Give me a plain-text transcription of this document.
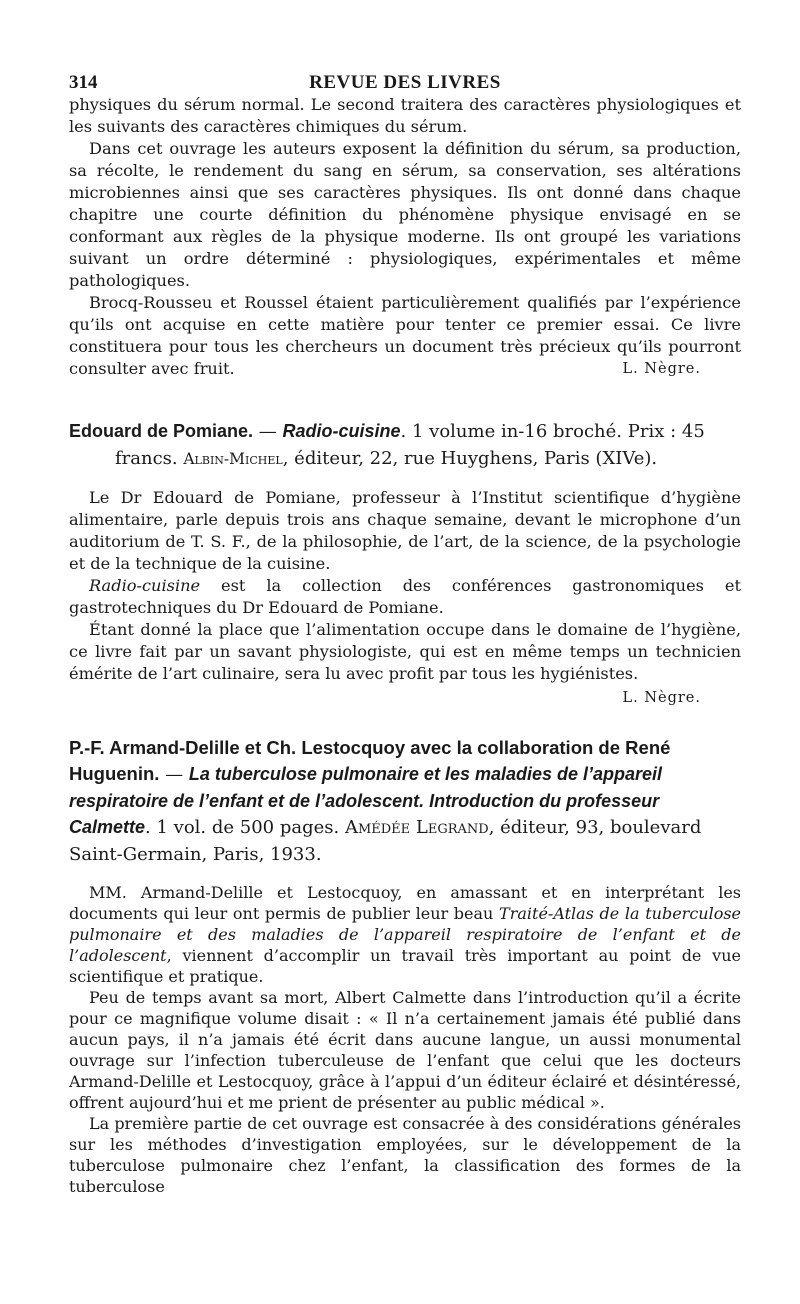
314	REVUE DES LIVRES

physiques du sérum normal. Le second traitera des caractères physiologiques et les suivants des caractères chimiques du sérum.

Dans cet ouvrage les auteurs exposent la définition du sérum, sa production, sa récolte, le rendement du sang en sérum, sa conservation, ses altérations microbiennes ainsi que ses caractères physiques. Ils ont donné dans chaque chapitre une courte définition du phénomène physique envisagé en se conformant aux règles de la physique moderne. Ils ont groupé les variations suivant un ordre déterminé : physiologiques, expérimentales et même pathologiques.

Brocq-Rousseu et Roussel étaient particulièrement qualifiés par l’expérience qu’ils ont acquise en cette matière pour tenter ce premier essai. Ce livre constituera pour tous les chercheurs un document très précieux qu’ils pourront consulter avec fruit.	L. Nègre.

Edouard de Pomiane. — Radio-cuisine. 1 volume in-16 broché. Prix : 45 francs. Albin-Michel, éditeur, 22, rue Huyghens, Paris (XIVe).

Le Dr Edouard de Pomiane, professeur à l’Institut scientifique d’hygiène alimentaire, parle depuis trois ans chaque semaine, devant le microphone d’un auditorium de T. S. F., de la philosophie, de l’art, de la science, de la psychologie et de la technique de la cuisine.

Radio-cuisine est la collection des conférences gastronomiques et gastrotechniques du Dr Edouard de Pomiane.

Étant donné la place que l’alimentation occupe dans le domaine de l’hygiène, ce livre fait par un savant physiologiste, qui est en même temps un technicien émérite de l’art culinaire, sera lu avec profit par tous les hygiénistes.

L. Nègre.
P.-F. Armand-Delille et Ch. Lestocquoy avec la collaboration de René Huguenin. — La tuberculose pulmonaire et les maladies de l’appareil respiratoire de l’enfant et de l’adolescent. Introduction du professeur Calmette. 1 vol. de 500 pages. Amédée Legrand, éditeur, 93, boulevard Saint-Germain, Paris, 1933.

MM. Armand-Delille et Lestocquoy, en amassant et en interprétant les documents qui leur ont permis de publier leur beau Traité-Atlas de la tuberculose pulmonaire et des maladies de l’appareil respiratoire de l’enfant et de l’adolescent, viennent d’accomplir un travail très important au point de vue scientifique et pratique.

Peu de temps avant sa mort, Albert Calmette dans l’introduction qu’il a écrite pour ce magnifique volume disait : « Il n’a certainement jamais été publié dans aucun pays, il n’a jamais été écrit dans aucune langue, un aussi monumental ouvrage sur l’infection tuberculeuse de l’enfant que celui que les docteurs Armand-Delille et Lestocquoy, grâce à l’appui d’un éditeur éclairé et désintéressé, offrent aujourd’hui et me prient de présenter au public médical ».

La première partie de cet ouvrage est consacrée à des considérations générales sur les méthodes d’investigation employées, sur le développement de la tuberculose pulmonaire chez l’enfant, la classification des formes de la tuberculose
